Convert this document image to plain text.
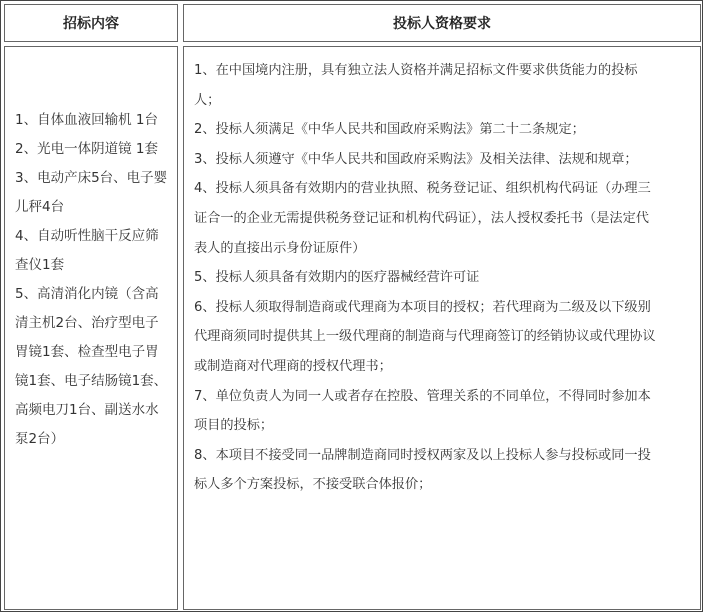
招标内容
1、自体血液回输机 1台
2、光电一体阴道镜 1套
3、电动产床5台、电子婴
儿秤4台
4、自动听性脑干反应筛
查仪1套
5、高清消化内镜（含高
清主机2台、治疗型电子
胃镜1套、检查型电子胃
镜1套、电子结肠镜1套、
高频电刀1台、副送水水
泵2台）
投标人资格要求
1、在中国境内注册，具有独立法人资格并满足招标文件要求供货能力的投标
人；
2、投标人须满足《中华人民共和国政府采购法》第二十二条规定；
3、投标人须遵守《中华人民共和国政府采购法》及相关法律、法规和规章；
4、投标人须具备有效期内的营业执照、税务登记证、组织机构代码证（办理三
证合一的企业无需提供税务登记证和机构代码证），法人授权委托书（是法定代
表人的直接出示身份证原件）
5、投标人须具备有效期内的医疗器械经营许可证
6、投标人须取得制造商或代理商为本项目的授权；若代理商为二级及以下级别
代理商须同时提供其上一级代理商的制造商与代理商签订的经销协议或代理协议
或制造商对代理商的授权代理书；
7、单位负责人为同一人或者存在控股、管理关系的不同单位，不得同时参加本
项目的投标；
8、本项目不接受同一品牌制造商同时授权两家及以上投标人参与投标或同一投
标人多个方案投标，不接受联合体报价；
